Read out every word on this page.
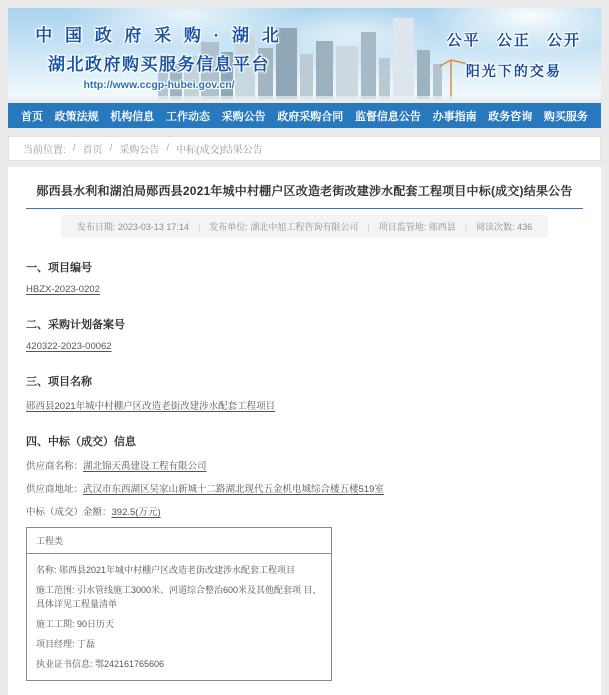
中 国 政 府 采 购 · 湖 北
湖北政府购买服务信息平台
http://www.ccgp-hubei.gov.cn/
公平 公正 公开
阳光下的交易
首页 政策法规 机构信息 工作动态 采购公告 政府采购合同 监督信息公告 办事指南 政务咨询 购买服务
当前位置: / 首页 / 采购公告 / 中标(成交)结果公告
郧西县水利和湖泊局郧西县2021年城中村棚户区改造老街改建涉水配套工程项目中标(成交)结果公告
发布日期: 2023-03-13 17:14 | 发布单位: 湖北中旭工程咨询有限公司 | 项目监管地: 郧西县 | 阅读次数: 436
一、项目编号
HBZX-2023-0202
二、采购计划备案号
420322-2023-00062
三、项目名称
郧西县2021年城中村棚户区改造老街改建涉水配套工程项目
四、中标（成交）信息
供应商名称：湖北锦天禹建设工程有限公司
供应商地址：武汉市东西湖区吴家山新城十二路湖北现代五金机电城综合楼五楼519室
中标（成交）金额：392.5(万元)
工程类
名称: 郧西县2021年城中村棚户区改造老街改建涉水配套工程项目
施工范围: 引水管线施工3000米、河道综合整治600米及其他配套项 目，具体详见工程量清单
施工工期: 90日历天
项目经理: 丁磊
执业证书信息: 鄂242161765606
